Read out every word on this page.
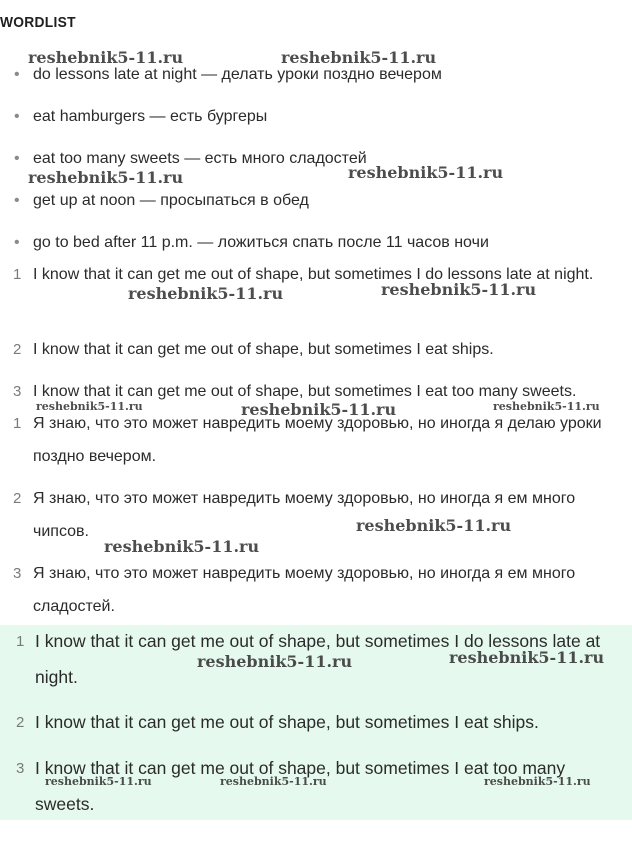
WORDLIST
• do lessons late at night — делать уроки поздно вечером
• eat hamburgers — есть бургеры
• eat too many sweets — есть много сладостей
• get up at noon — просыпаться в обед
• go to bed after 11 p.m. — ложиться спать после 11 часов ночи
1 I know that it can get me out of shape, but sometimes I do lessons late at night.
2 I know that it can get me out of shape, but sometimes I eat ships.
3 I know that it can get me out of shape, but sometimes I eat too many sweets.
1 Я знаю, что это может навредить моему здоровью, но иногда я делаю уроки поздно вечером.
2 Я знаю, что это может навредить моему здоровью, но иногда я ем много чипсов.
3 Я знаю, что это может навредить моему здоровью, но иногда я ем много сладостей.
1 I know that it can get me out of shape, but sometimes I do lessons late at night.
2 I know that it can get me out of shape, but sometimes I eat ships.
3 I know that it can get me out of shape, but sometimes I eat too many sweets.
reshebnik5-11.ru	reshebnik5-11.ru
reshebnik5-11.ru	reshebnik5-11.ru
reshebnik5-11.ru	reshebnik5-11.ru
reshebnik5-11.ru	reshebnik5-11.ru	reshebnik5-11.ru
reshebnik5-11.ru
reshebnik5-11.ru
reshebnik5-11.ru	reshebnik5-11.ru
reshebnik5-11.ru	reshebnik5-11.ru	reshebnik5-11.ru
